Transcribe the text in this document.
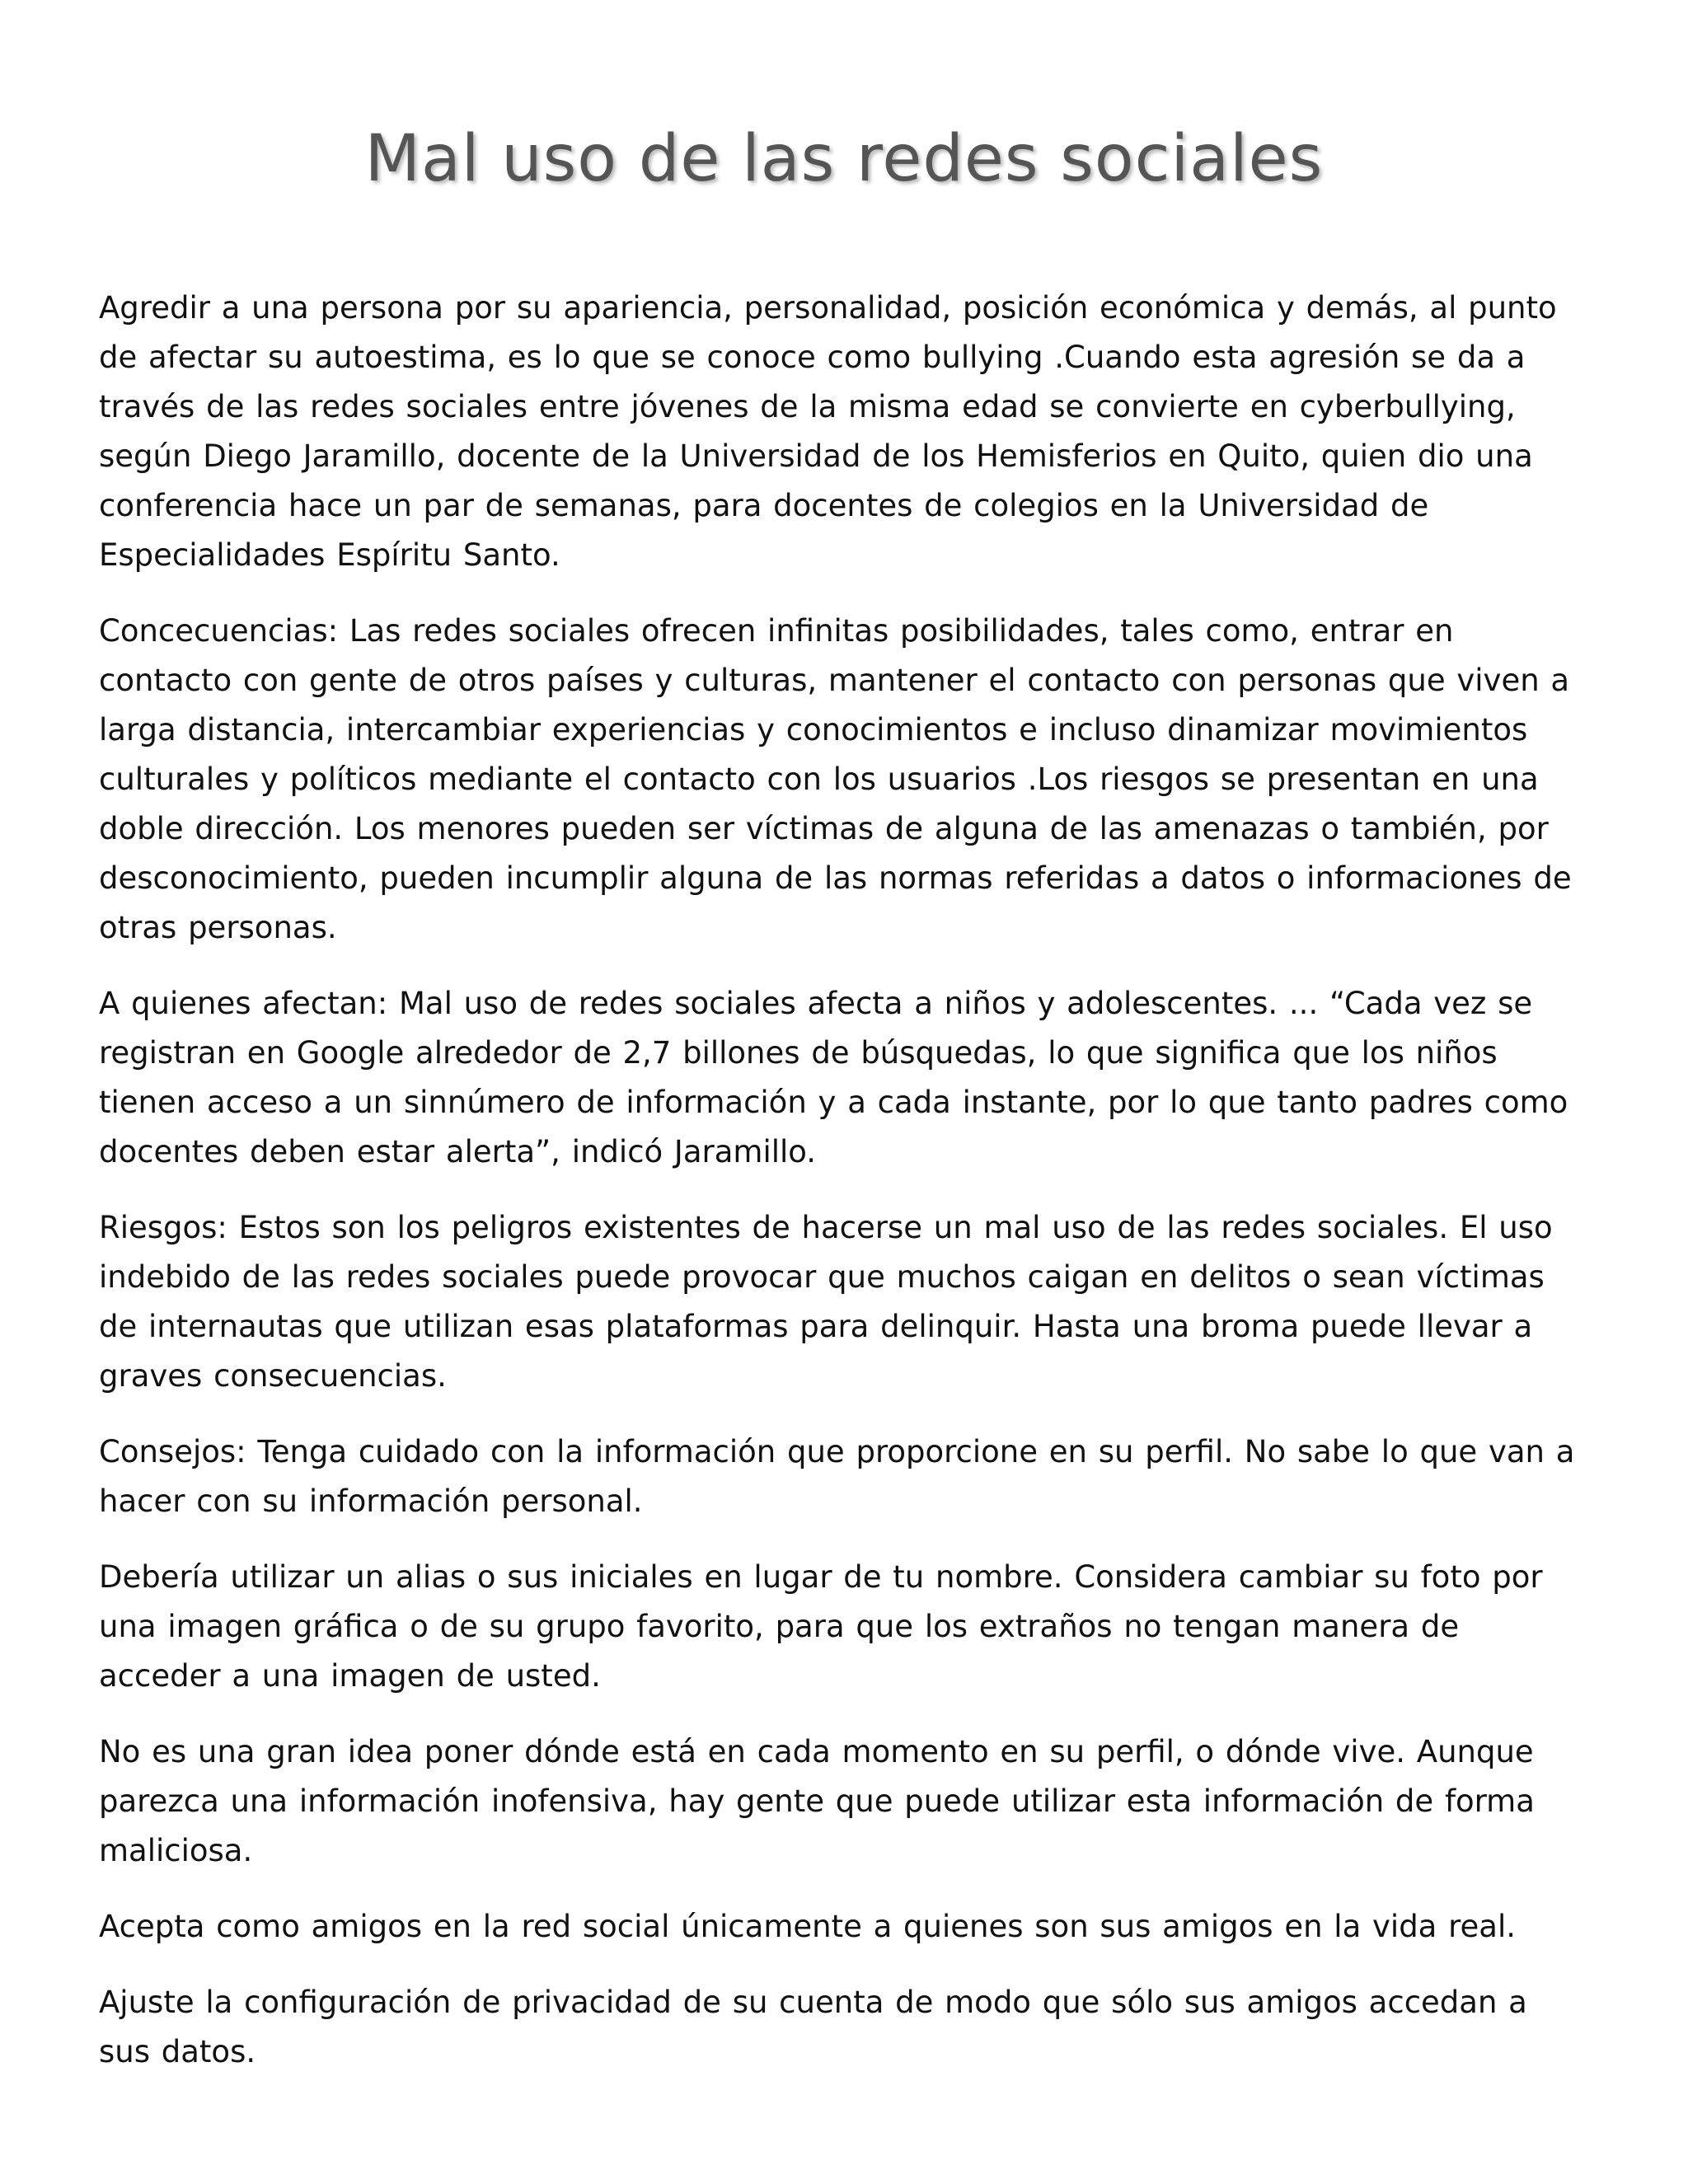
Mal uso de las redes sociales

Agredir a una persona por su apariencia, personalidad, posición económica y demás, al punto de afectar su autoestima, es lo que se conoce como bullying .Cuando esta agresión se da a través de las redes sociales entre jóvenes de la misma edad se convierte en cyberbullying, según Diego Jaramillo, docente de la Universidad de los Hemisferios en Quito, quien dio una conferencia hace un par de semanas, para docentes de colegios en la Universidad de Especialidades Espíritu Santo.

Concecuencias: Las redes sociales ofrecen infinitas posibilidades, tales como, entrar en contacto con gente de otros países y culturas, mantener el contacto con personas que viven a larga distancia, intercambiar experiencias y conocimientos e incluso dinamizar movimientos culturales y políticos mediante el contacto con los usuarios .Los riesgos se presentan en una doble dirección. Los menores pueden ser víctimas de alguna de las amenazas o también, por desconocimiento, pueden incumplir alguna de las normas referidas a datos o informaciones de otras personas.

A quienes afectan: Mal uso de redes sociales afecta a niños y adolescentes. ... “Cada vez se registran en Google alrededor de 2,7 billones de búsquedas, lo que significa que los niños tienen acceso a un sinnúmero de información y a cada instante, por lo que tanto padres como docentes deben estar alerta”, indicó Jaramillo.

Riesgos: Estos son los peligros existentes de hacerse un mal uso de las redes sociales. El uso indebido de las redes sociales puede provocar que muchos caigan en delitos o sean víctimas de internautas que utilizan esas plataformas para delinquir. Hasta una broma puede llevar a graves consecuencias.

Consejos: Tenga cuidado con la información que proporcione en su perfil. No sabe lo que van a hacer con su información personal.

Debería utilizar un alias o sus iniciales en lugar de tu nombre. Considera cambiar su foto por una imagen gráfica o de su grupo favorito, para que los extraños no tengan manera de acceder a una imagen de usted.

No es una gran idea poner dónde está en cada momento en su perfil, o dónde vive. Aunque parezca una información inofensiva, hay gente que puede utilizar esta información de forma maliciosa.

Acepta como amigos en la red social únicamente a quienes son sus amigos en la vida real.

Ajuste la configuración de privacidad de su cuenta de modo que sólo sus amigos accedan a sus datos.
